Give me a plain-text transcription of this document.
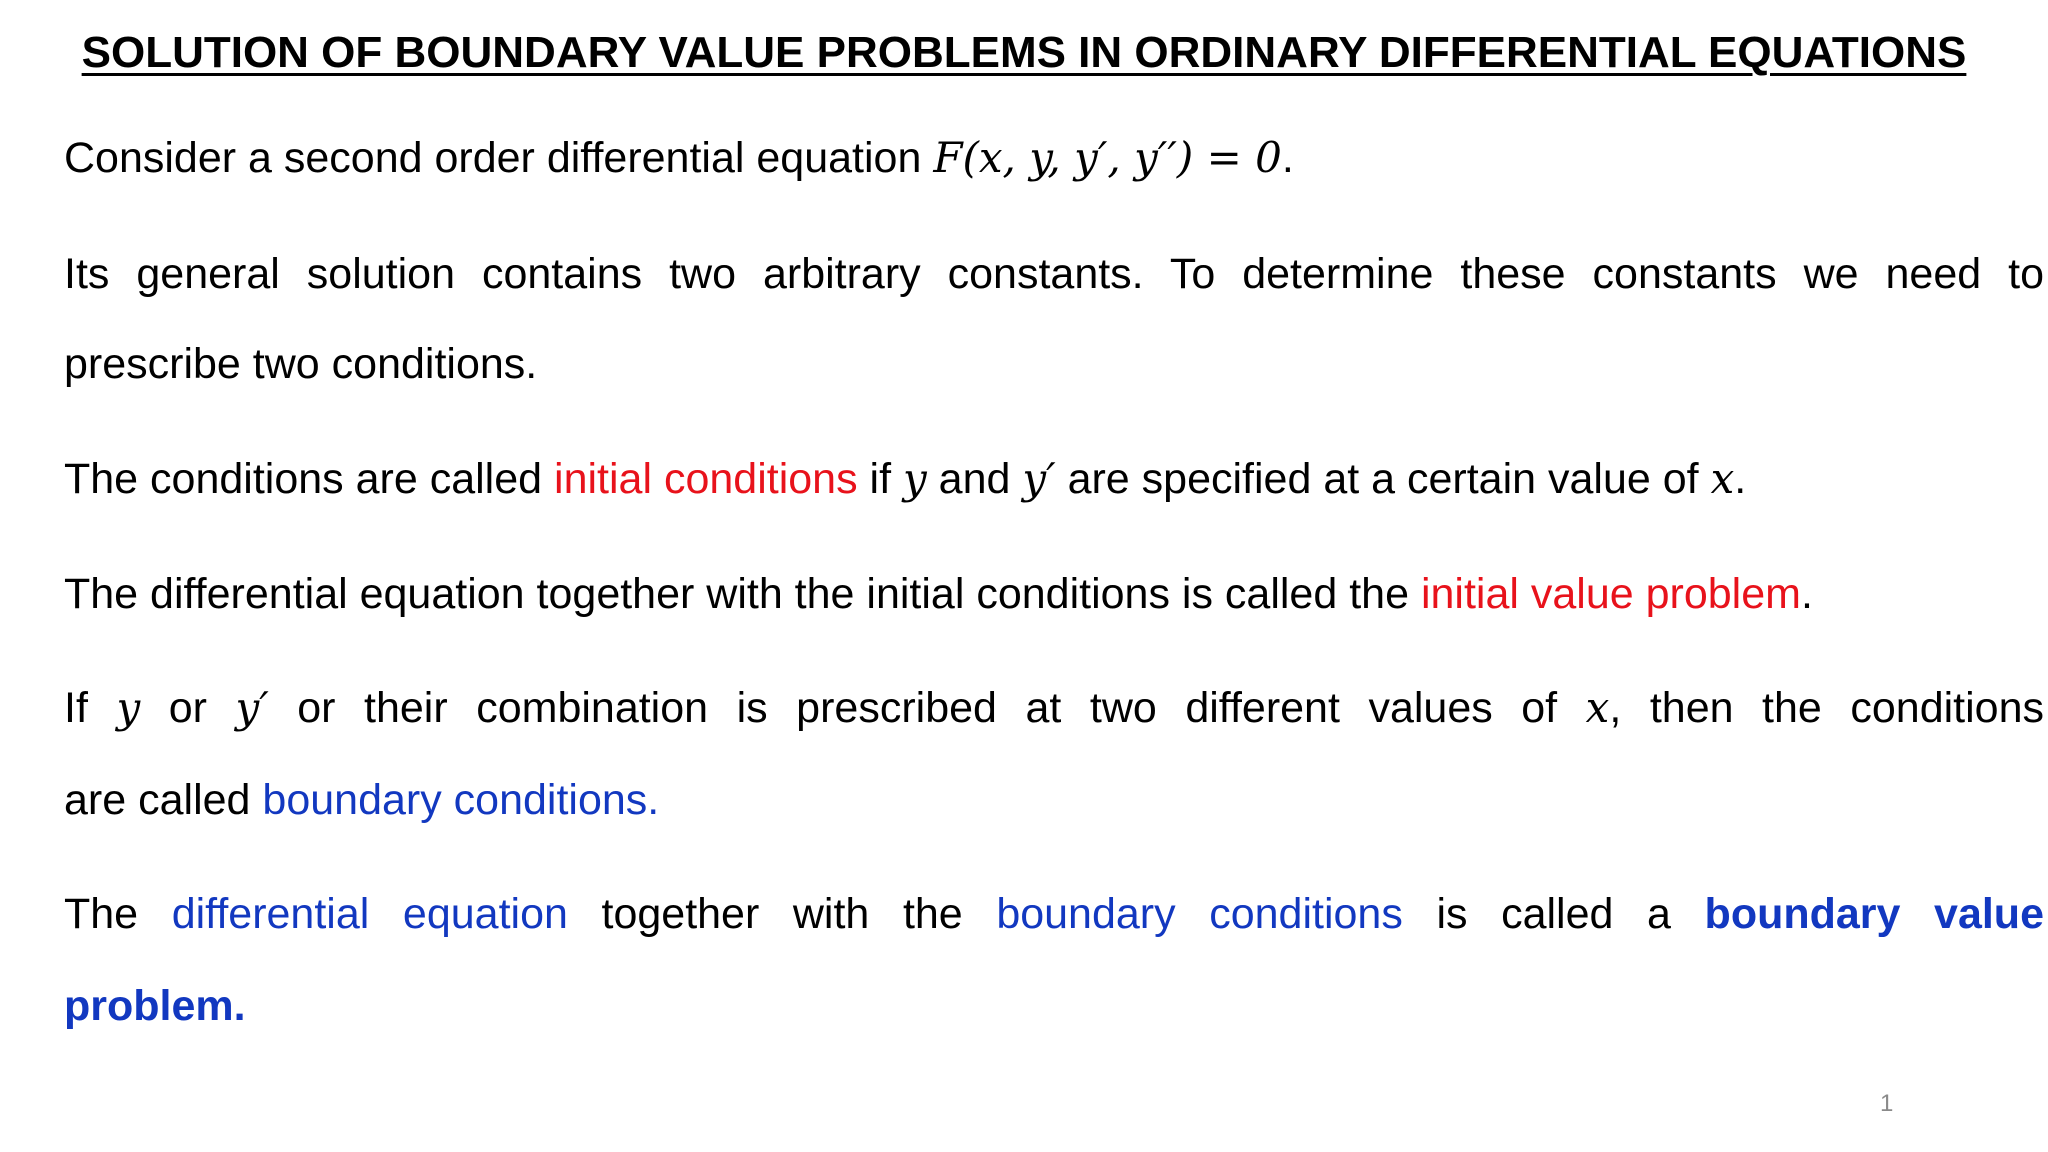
SOLUTION OF BOUNDARY VALUE PROBLEMS IN ORDINARY DIFFERENTIAL EQUATIONS

Consider a second order differential equation F(x, y, y′, y′′) = 0.

Its general solution contains two arbitrary constants. To determine these constants we need to
prescribe two conditions.

The conditions are called initial conditions if y and y′ are specified at a certain value of x.

The differential equation together with the initial conditions is called the initial value problem.

If y or y′ or their combination is prescribed at two different values of x, then the conditions
are called boundary conditions.

The differential equation together with the boundary conditions is called a boundary value
problem.

1
